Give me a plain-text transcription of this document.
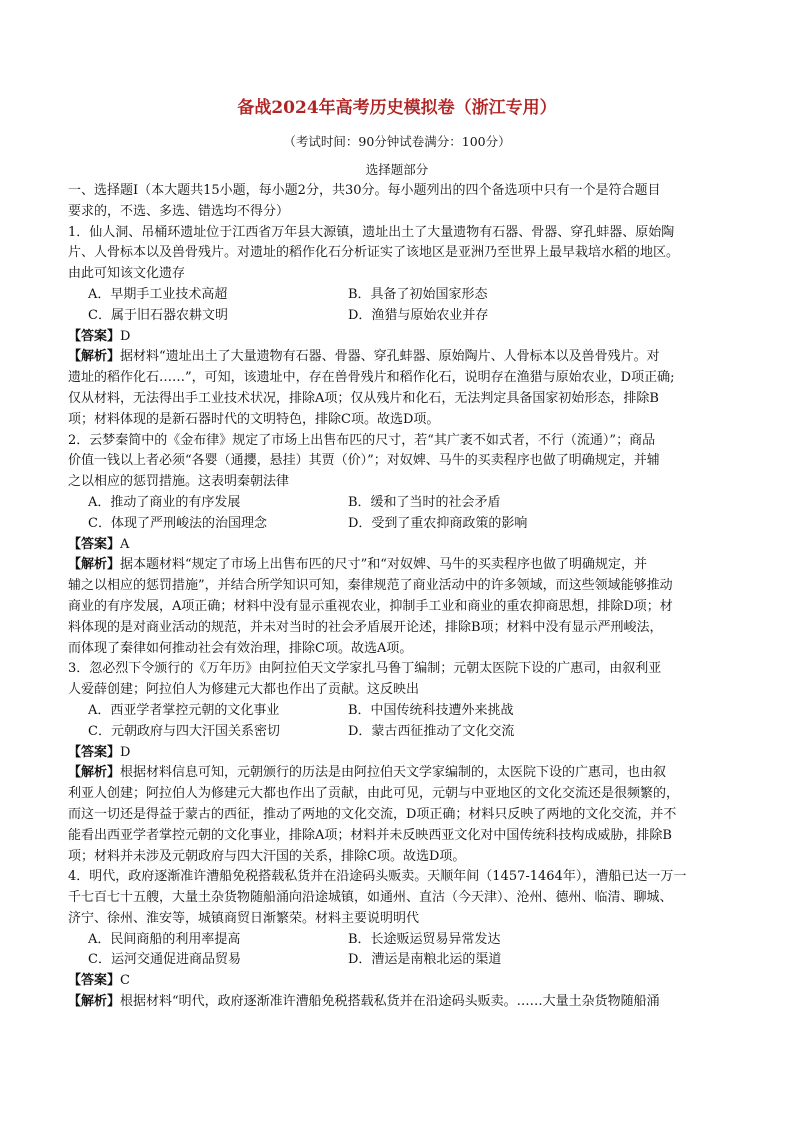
备战2024年高考历史模拟卷（浙江专用）
（考试时间：90分钟试卷满分：100分）
选择题部分
一、选择题Ⅰ（本大题共15小题，每小题2分，共30分。每小题列出的四个备选项中只有一个是符合题目
要求的，不选、多选、错选均不得分）
1．仙人洞、吊桶环遗址位于江西省万年县大源镇，遗址出土了大量遗物有石器、骨器、穿孔蚌器、原始陶
片、人骨标本以及兽骨残片。对遗址的稻作化石分析证实了该地区是亚洲乃至世界上最早栽培水稻的地区。
由此可知该文化遗存
A．早期手工业技术高超	B．具备了初始国家形态
C．属于旧石器农耕文明	D．渔猎与原始农业并存
【答案】D
【解析】据材料“遗址出土了大量遗物有石器、骨器、穿孔蚌器、原始陶片、人骨标本以及兽骨残片。对
遗址的稻作化石……”，可知，该遗址中，存在兽骨残片和稻作化石，说明存在渔猎与原始农业，D项正确;
仅从材料，无法得出手工业技术状况，排除A项；仅从残片和化石，无法判定具备国家初始形态，排除B
项；材料体现的是新石器时代的文明特色，排除C项。故选D项。
2．云梦秦简中的《金布律》规定了市场上出售布匹的尺寸，若“其广袤不如式者，不行（流通）”；商品
价值一钱以上者必须“各婴（通攖，悬挂）其贾（价）”；对奴婢、马牛的买卖程序也做了明确规定，并辅
之以相应的惩罚措施。这表明秦朝法律
A．推动了商业的有序发展	B．缓和了当时的社会矛盾
C．体现了严刑峻法的治国理念	D．受到了重农抑商政策的影响
【答案】A
【解析】据本题材料“规定了市场上出售布匹的尺寸”和“对奴婢、马牛的买卖程序也做了明确规定，并
辅之以相应的惩罚措施”，并结合所学知识可知，秦律规范了商业活动中的许多领域，而这些领域能够推动
商业的有序发展，A项正确；材料中没有显示重视农业，抑制手工业和商业的重农抑商思想，排除D项；材
料体现的是对商业活动的规范，并未对当时的社会矛盾展开论述，排除B项；材料中没有显示严刑峻法，
而体现了秦律如何推动社会有效治理，排除C项。故选A项。
3．忽必烈下令颁行的《万年历》由阿拉伯天文学家扎马鲁丁编制；元朝太医院下设的广惠司，由叙利亚
人爱薛创建；阿拉伯人为修建元大都也作出了贡献。这反映出
A．西亚学者掌控元朝的文化事业	B．中国传统科技遭外来挑战
C．元朝政府与四大汗国关系密切	D．蒙古西征推动了文化交流
【答案】D
【解析】根据材料信息可知，元朝颁行的历法是由阿拉伯天文学家编制的，太医院下设的广惠司，也由叙
利亚人创建；阿拉伯人为修建元大都也作出了贡献，由此可见，元朝与中亚地区的文化交流还是很频繁的，
而这一切还是得益于蒙古的西征，推动了两地的文化交流，D项正确；材料只反映了两地的文化交流，并不
能看出西亚学者掌控元朝的文化事业，排除A项；材料并未反映西亚文化对中国传统科技构成威胁，排除B
项；材料并未涉及元朝政府与四大汗国的关系，排除C项。故选D项。
4．明代，政府逐渐准许漕船免税搭载私货并在沿途码头贩卖。天顺年间（1457-1464年），漕船已达一万一
千七百七十五艘，大量土杂货物随船涌向沿途城镇，如通州、直沽（今天津）、沧州、德州、临清、聊城、
济宁、徐州、淮安等，城镇商贸日渐繁荣。材料主要说明明代
A．民间商船的利用率提高	B．长途贩运贸易异常发达
C．运河交通促进商品贸易	D．漕运是南粮北运的渠道
【答案】C
【解析】根据材料“明代，政府逐渐准许漕船免税搭载私货并在沿途码头贩卖。……大量土杂货物随船涌
